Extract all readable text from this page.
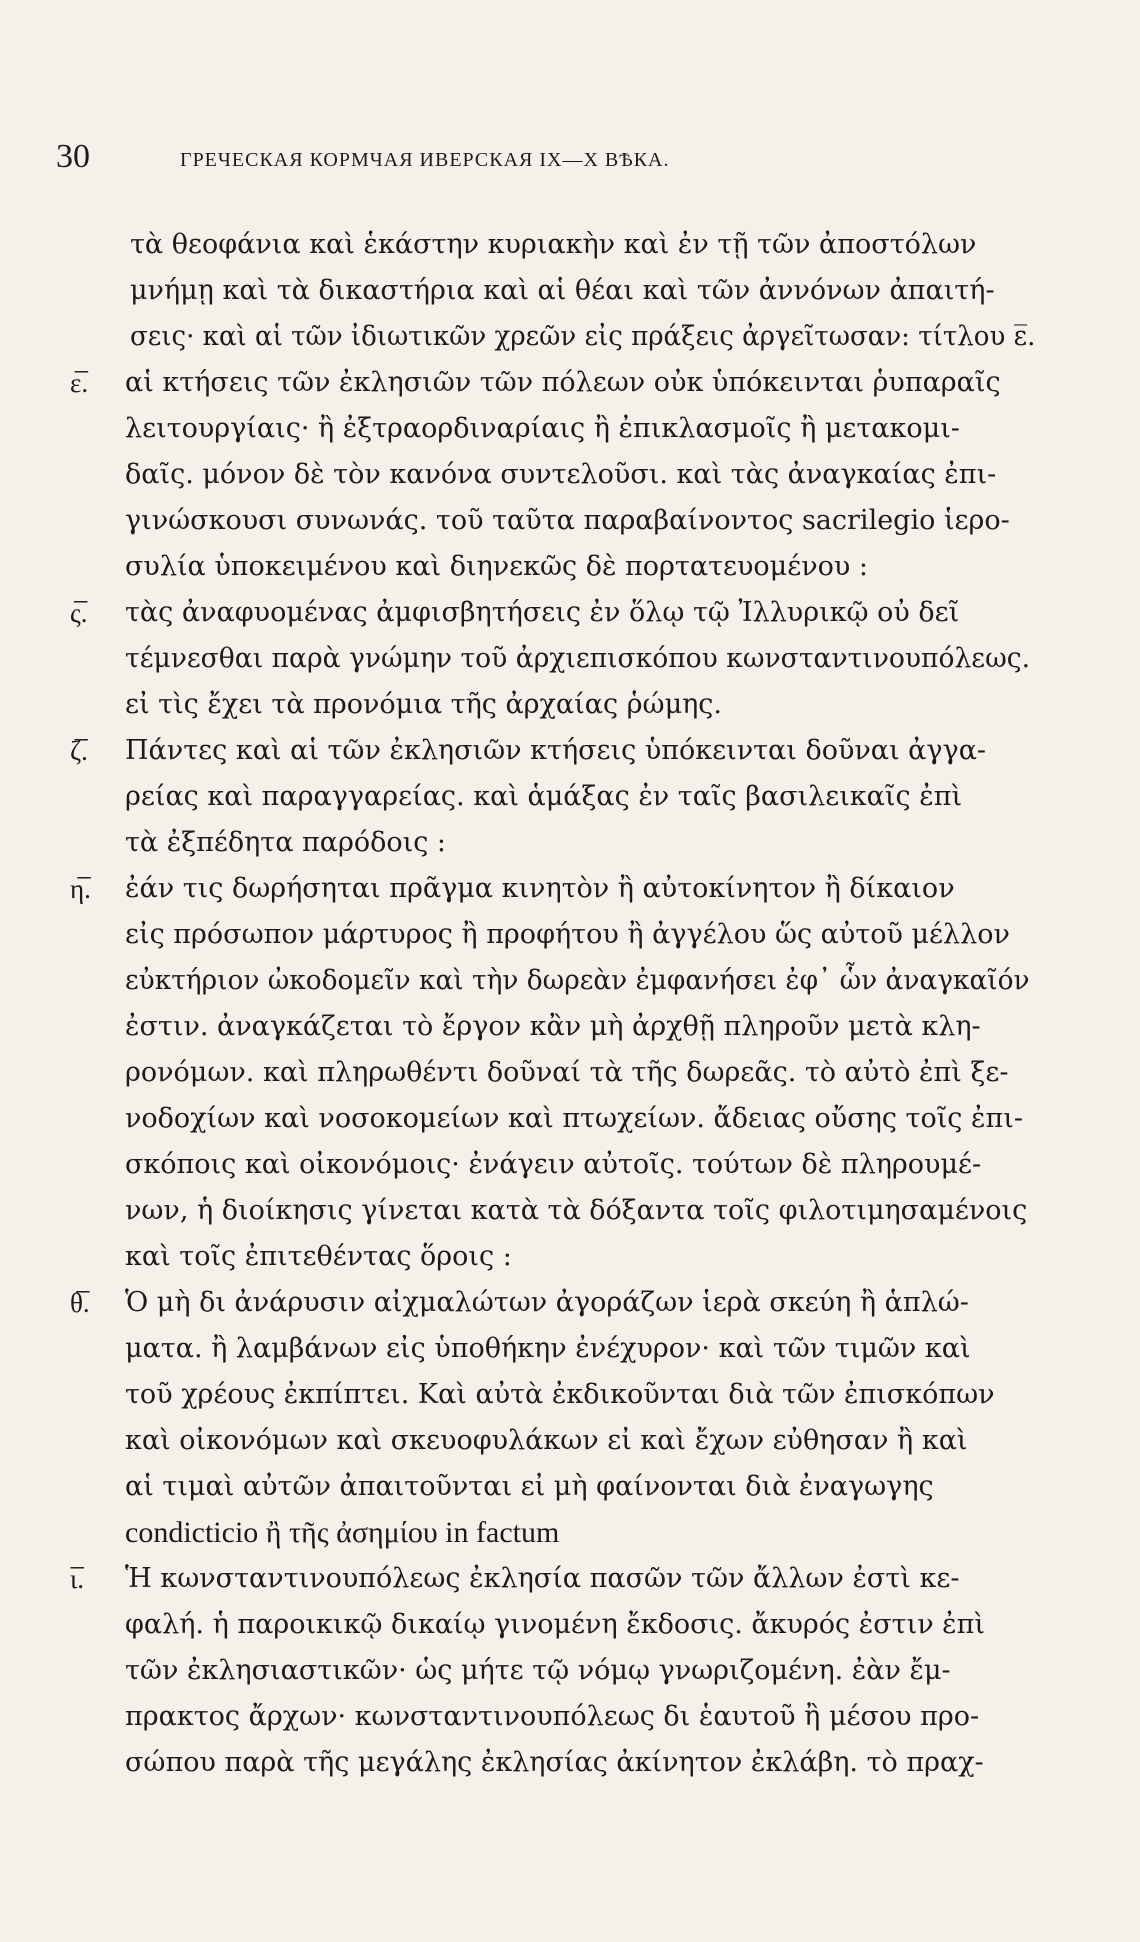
30	ГРЕЧЕСКАЯ КОРМЧАЯ ИВЕРСКАЯ IX—X ВѢКА.
τὰ θεοφάνια καὶ ἑκάστην κυριακὴν καὶ ἐν τῇ τῶν ἀποστόλων
μνήμῃ καὶ τὰ δικαστήρια καὶ αἱ θέαι καὶ τῶν ἀννόνων ἀπαιτή-
σεις· καὶ αἱ τῶν ἰδιωτικῶν χρεῶν εἰς πράξεις ἀργεῖτωσαν: τίτλου ε̅.
ε̅. αἱ κτήσεις τῶν ἐκλησιῶν τῶν πόλεων οὐκ ὑπόκεινται ῥυπαραῖς
λειτουργίαις· ἢ ἐξτραορδιναρίαις ἢ ἐπικλασμοῖς ἢ μετακομι-
δαῖς. μόνον δὲ τὸν κανόνα συντελοῦσι. καὶ τὰς ἀναγκαίας ἐπι-
γινώσκουσι συνωνάς. τοῦ ταῦτα παραβαίνοντος sacrilegio ἱερο-
συλία ὑποκειμένου καὶ διηνεκῶς δὲ πορτατευομένου :
ς̅. τὰς ἀναφυομένας ἀμφισβητήσεις ἐν ὅλῳ τῷ Ἰλλυρικῷ οὐ δεῖ
τέμνεσθαι παρὰ γνώμην τοῦ ἀρχιεπισκόπου κωνσταντινουπόλεως.
εἰ τὶς ἔχει τὰ προνόμια τῆς ἀρχαίας ῥώμης.
ζ̅. Πάντες καὶ αἱ τῶν ἐκλησιῶν κτήσεις ὑπόκεινται δοῦναι ἀγγα-
ρείας καὶ παραγγαρείας. καὶ ἁμάξας ἐν ταῖς βασιλεικαῖς ἐπὶ
τὰ ἐξπέδητα παρόδοις :
η̅. ἐάν τις δωρήσηται πρᾶγμα κινητὸν ἢ αὐτοκίνητον ἢ δίκαιον
εἰς πρόσωπον μάρτυρος ἢ προφήτου ἢ ἀγγέλου ὥς αὐτοῦ μέλλον
εὐκτήριον ὠκοδομεῖν καὶ τὴν δωρεὰν ἐμφανήσει ἐφ᾽ ὧν ἀναγκαῖόν
ἐστιν. ἀναγκάζεται τὸ ἔργον κἂν μὴ ἀρχθῇ πληροῦν μετὰ κλη-
ρονόμων. καὶ πληρωθέντι δοῦναί τὰ τῆς δωρεᾶς. τὸ αὐτὸ ἐπὶ ξε-
νοδοχίων καὶ νοσοκομείων καὶ πτωχείων. ἄδειας οὔσης τοῖς ἐπι-
σκόποις καὶ οἰκονόμοις· ἐνάγειν αὐτοῖς. τούτων δὲ πληρουμέ-
νων, ἡ διοίκησις γίνεται κατὰ τὰ δόξαντα τοῖς φιλοτιμησαμένοις
καὶ τοῖς ἐπιτεθέντας ὅροις :
θ̅. Ὁ μὴ δι ἀνάρυσιν αἰχμαλώτων ἀγοράζων ἱερὰ σκεύη ἢ ἁπλώ-
ματα. ἢ λαμβάνων εἰς ὑποθήκην ἐνέχυρον· καὶ τῶν τιμῶν καὶ
τοῦ χρέους ἐκπίπτει. Καὶ αὐτὰ ἐκδικοῦνται διὰ τῶν ἐπισκόπων
καὶ οἰκονόμων καὶ σκευοφυλάκων εἰ καὶ ἔχων εὐθησαν ἢ καὶ
αἱ τιμαὶ αὐτῶν ἀπαιτοῦνται εἰ μὴ φαίνονται διὰ ἐναγωγης
condicticio ἢ τῆς ἀσημίου in factum
ι̅. Ἡ κωνσταντινουπόλεως ἐκλησία πασῶν τῶν ἄλλων ἐστὶ κε-
φαλή. ἡ παροικικῷ δικαίῳ γινομένη ἔκδοσις. ἄκυρός ἐστιν ἐπὶ
τῶν ἐκλησιαστικῶν· ὡς μήτε τῷ νόμῳ γνωριζομένη. ἐὰν ἔμ-
πρακτος ἄρχων· κωνσταντινουπόλεως δι ἑαυτοῦ ἢ μέσου προ-
σώπου παρὰ τῆς μεγάλης ἐκλησίας ἀκίνητον ἐκλάβη. τὸ πραχ-
